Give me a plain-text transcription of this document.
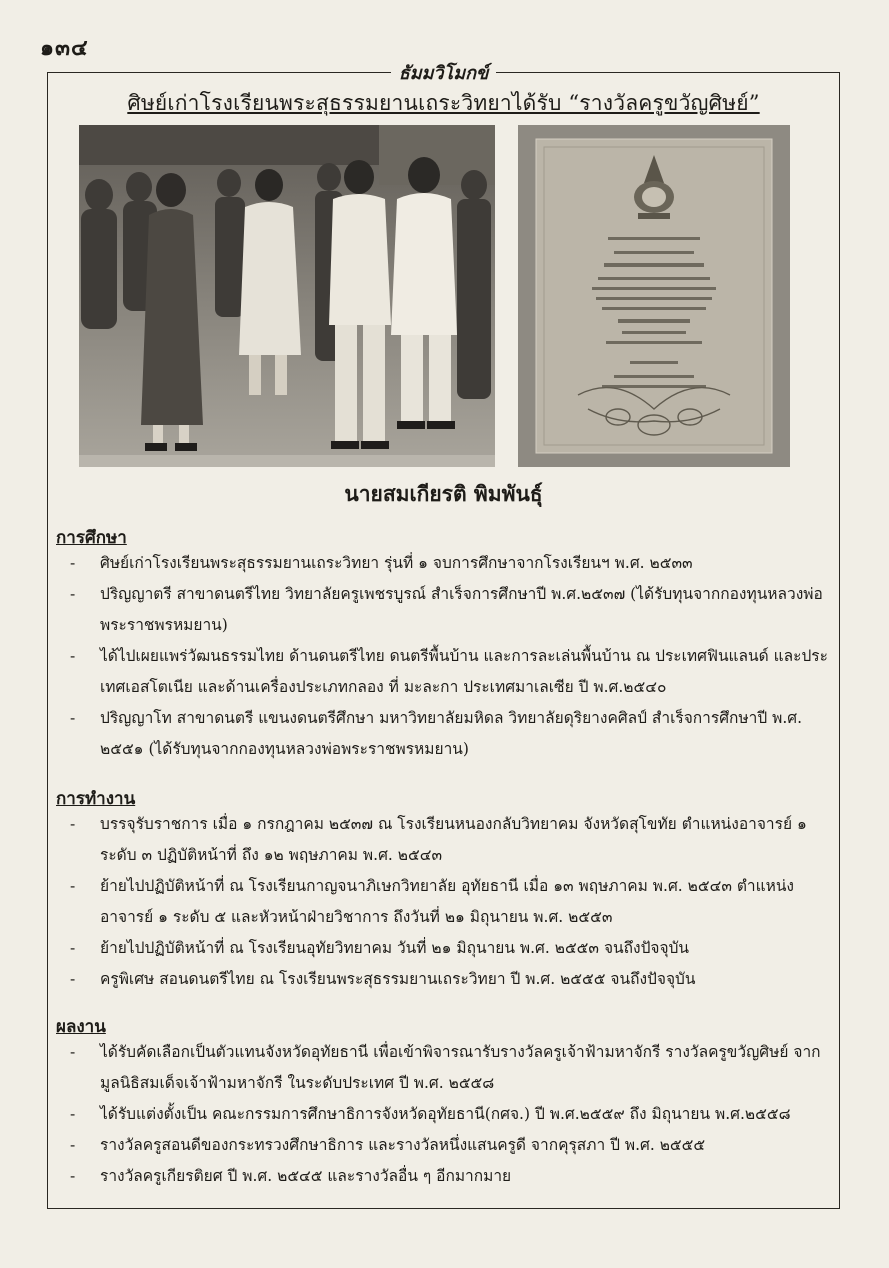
๑๓๔
ธัมมวิโมกข์
ศิษย์เก่าโรงเรียนพระสุธรรมยานเถระวิทยาได้รับ “รางวัลครูขวัญศิษย์”
นายสมเกียรติ พิมพันธุ์
การศึกษา
- ศิษย์เก่าโรงเรียนพระสุธรรมยานเถระวิทยา รุ่นที่ ๑ จบการศึกษาจากโรงเรียนฯ พ.ศ. ๒๕๓๓
- ปริญญาตรี สาขาดนตรีไทย วิทยาลัยครูเพชรบูรณ์ สำเร็จการศึกษาปี พ.ศ.๒๕๓๗ (ได้รับทุนจากกองทุนหลวงพ่อพระราชพรหมยาน)
- ได้ไปเผยแพร่วัฒนธรรมไทย ด้านดนตรีไทย ดนตรีพื้นบ้าน และการละเล่นพื้นบ้าน ณ ประเทศฟินแลนด์ และประเทศเอสโตเนีย และด้านเครื่องประเภทกลอง ที่ มะละกา ประเทศมาเลเซีย ปี พ.ศ.๒๕๔๐
- ปริญญาโท สาขาดนตรี แขนงดนตรีศึกษา มหาวิทยาลัยมหิดล วิทยาลัยดุริยางคศิลป์ สำเร็จการศึกษาปี พ.ศ. ๒๕๕๑ (ได้รับทุนจากกองทุนหลวงพ่อพระราชพรหมยาน)
การทำงาน
- บรรจุรับราชการ เมื่อ ๑ กรกฎาคม ๒๕๓๗ ณ โรงเรียนหนองกลับวิทยาคม จังหวัดสุโขทัย ตำแหน่งอาจารย์ ๑ ระดับ ๓ ปฏิบัติหน้าที่ ถึง ๑๒ พฤษภาคม พ.ศ. ๒๕๔๓
- ย้ายไปปฏิบัติหน้าที่ ณ โรงเรียนกาญจนาภิเษกวิทยาลัย อุทัยธานี เมื่อ ๑๓ พฤษภาคม พ.ศ. ๒๕๔๓ ตำแหน่ง อาจารย์ ๑ ระดับ ๕ และหัวหน้าฝ่ายวิชาการ ถึงวันที่ ๒๑ มิถุนายน พ.ศ. ๒๕๕๓
- ย้ายไปปฏิบัติหน้าที่ ณ โรงเรียนอุทัยวิทยาคม วันที่ ๒๑ มิถุนายน พ.ศ. ๒๕๕๓ จนถึงปัจจุบัน
- ครูพิเศษ สอนดนตรีไทย ณ โรงเรียนพระสุธรรมยานเถระวิทยา ปี พ.ศ. ๒๕๕๕ จนถึงปัจจุบัน
ผลงาน
- ได้รับคัดเลือกเป็นตัวแทนจังหวัดอุทัยธานี เพื่อเข้าพิจารณารับรางวัลครูเจ้าฟ้ามหาจักรี รางวัลครูขวัญศิษย์ จากมูลนิธิสมเด็จเจ้าฟ้ามหาจักรี ในระดับประเทศ ปี พ.ศ. ๒๕๕๘
- ได้รับแต่งตั้งเป็น คณะกรรมการศึกษาธิการจังหวัดอุทัยธานี(กศจ.) ปี พ.ศ.๒๕๕๙ ถึง มิถุนายน พ.ศ.๒๕๕๘
- รางวัลครูสอนดีของกระทรวงศึกษาธิการ และรางวัลหนึ่งแสนครูดี จากคุรุสภา ปี พ.ศ. ๒๕๕๕
- รางวัลครูเกียรติยศ ปี พ.ศ. ๒๕๔๕ และรางวัลอื่น ๆ อีกมากมาย
